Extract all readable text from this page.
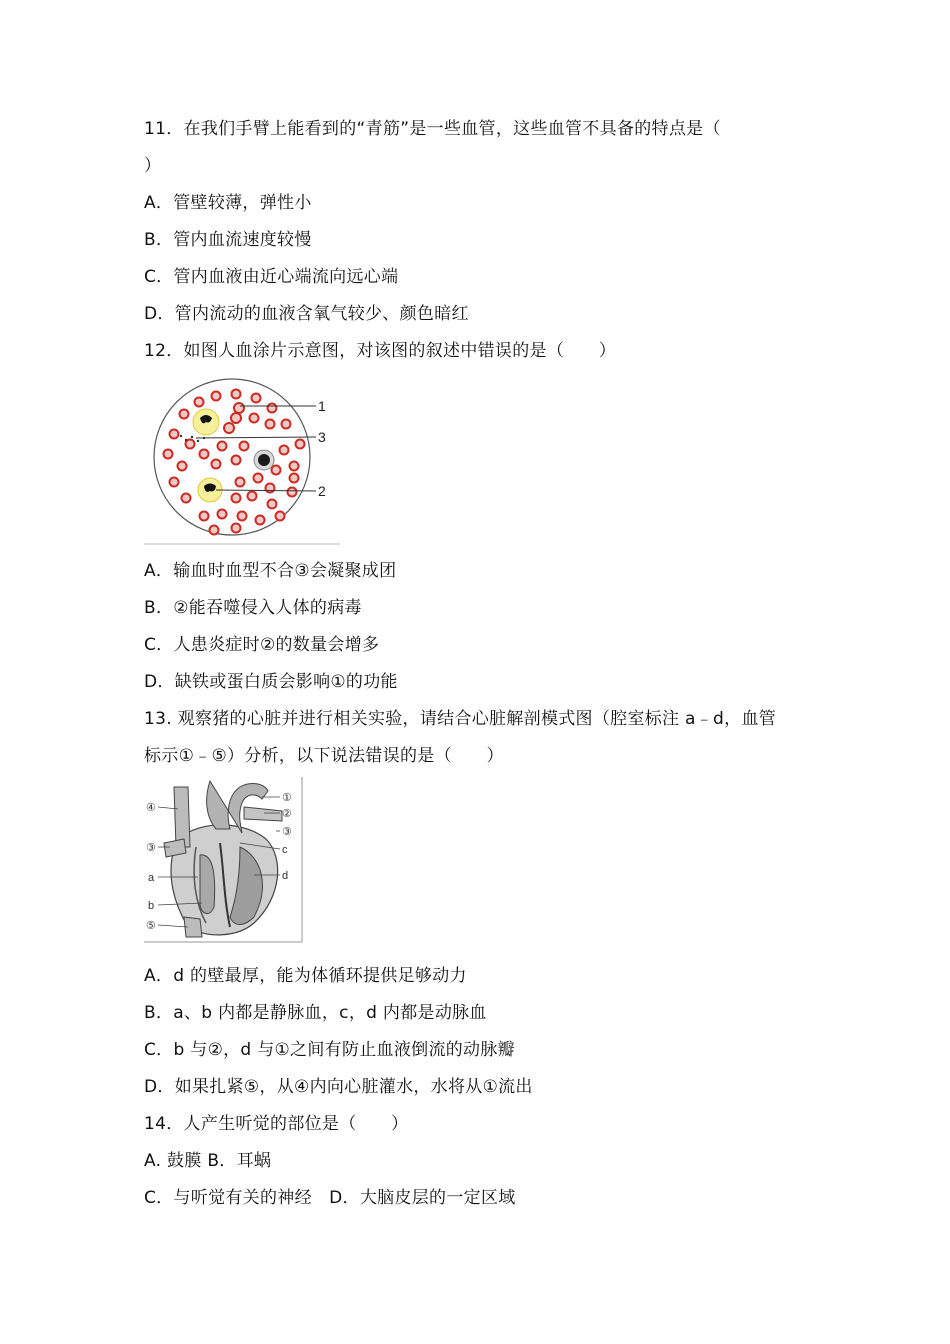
11．在我们手臂上能看到的“青筋”是一些血管，这些血管不具备的特点是（
）
A．管壁较薄，弹性小
B．管内血流速度较慢
C．管内血液由近心端流向远心端
D．管内流动的血液含氧气较少、颜色暗红
12．如图人血涂片示意图，对该图的叙述中错误的是（　　）
1
3
2
A．输血时血型不合③会凝聚成团
B．②能吞噬侵入人体的病毒
C．人患炎症时②的数量会增多
D．缺铁或蛋白质会影响①的功能
13. 观察猪的心脏并进行相关实验，请结合心脏解剖模式图（腔室标注 a﹣d，血管
标示①﹣⑤）分析，以下说法错误的是（　　）
④
③
a
b
⑤
①
②
③
c
d
A．d 的壁最厚，能为体循环提供足够动力
B．a、b 内都是静脉血，c，d 内都是动脉血
C．b 与②，d 与①之间有防止血液倒流的动脉瓣
D．如果扎紧⑤，从④内向心脏灌水，水将从①流出
14．人产生听觉的部位是（　　）
A. 鼓膜 B．耳蜗
C．与听觉有关的神经　D．大脑皮层的一定区域
